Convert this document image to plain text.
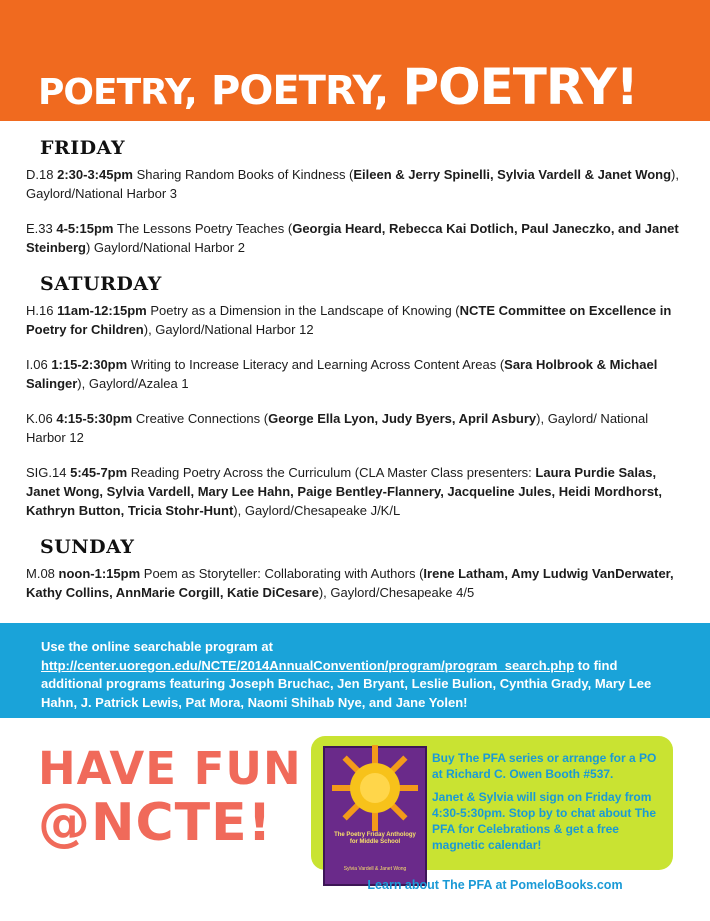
POETRY, POETRY, POETRY!
FRIDAY

D.18 2:30-3:45pm Sharing Random Books of Kindness (Eileen & Jerry Spinelli, Sylvia Vardell & Janet Wong), Gaylord/National Harbor 3

E.33 4-5:15pm The Lessons Poetry Teaches (Georgia Heard, Rebecca Kai Dotlich, Paul Janeczko, and Janet Steinberg) Gaylord/National Harbor 2

SATURDAY

H.16 11am-12:15pm Poetry as a Dimension in the Landscape of Knowing (NCTE Committee on Excellence in Poetry for Children), Gaylord/National Harbor 12

I.06 1:15-2:30pm Writing to Increase Literacy and Learning Across Content Areas (Sara Holbrook & Michael Salinger), Gaylord/Azalea 1

K.06 4:15-5:30pm Creative Connections (George Ella Lyon, Judy Byers, April Asbury), Gaylord/ National Harbor 12

SIG.14 5:45-7pm Reading Poetry Across the Curriculum (CLA Master Class presenters: Laura Purdie Salas, Janet Wong, Sylvia Vardell, Mary Lee Hahn, Paige Bentley-Flannery, Jacqueline Jules, Heidi Mordhorst, Kathryn Button, Tricia Stohr-Hunt), Gaylord/Chesapeake J/K/L

SUNDAY

M.08 noon-1:15pm Poem as Storyteller: Collaborating with Authors (Irene Latham, Amy Ludwig VanDerwater, Kathy Collins, AnnMarie Corgill, Katie DiCesare), Gaylord/Chesapeake 4/5

Use the online searchable program at http://center.uoregon.edu/NCTE/2014AnnualConvention/program/program_search.php to find additional programs featuring Joseph Bruchac, Jen Bryant, Leslie Bulion, Cynthia Grady, Mary Lee Hahn, J. Patrick Lewis, Pat Mora, Naomi Shihab Nye, and Jane Yolen!

HAVE FUN
@NCTE!	The Poetry Friday Anthology for Middle School
Sylvia Vardell & Janet Wong

Buy The PFA series or arrange for a PO at Richard C. Owen Booth #537.

Janet & Sylvia will sign on Friday from 4:30-5:30pm. Stop by to chat about The PFA for Celebrations & get a free magnetic calendar!

Learn about The PFA at PomeloBooks.com
